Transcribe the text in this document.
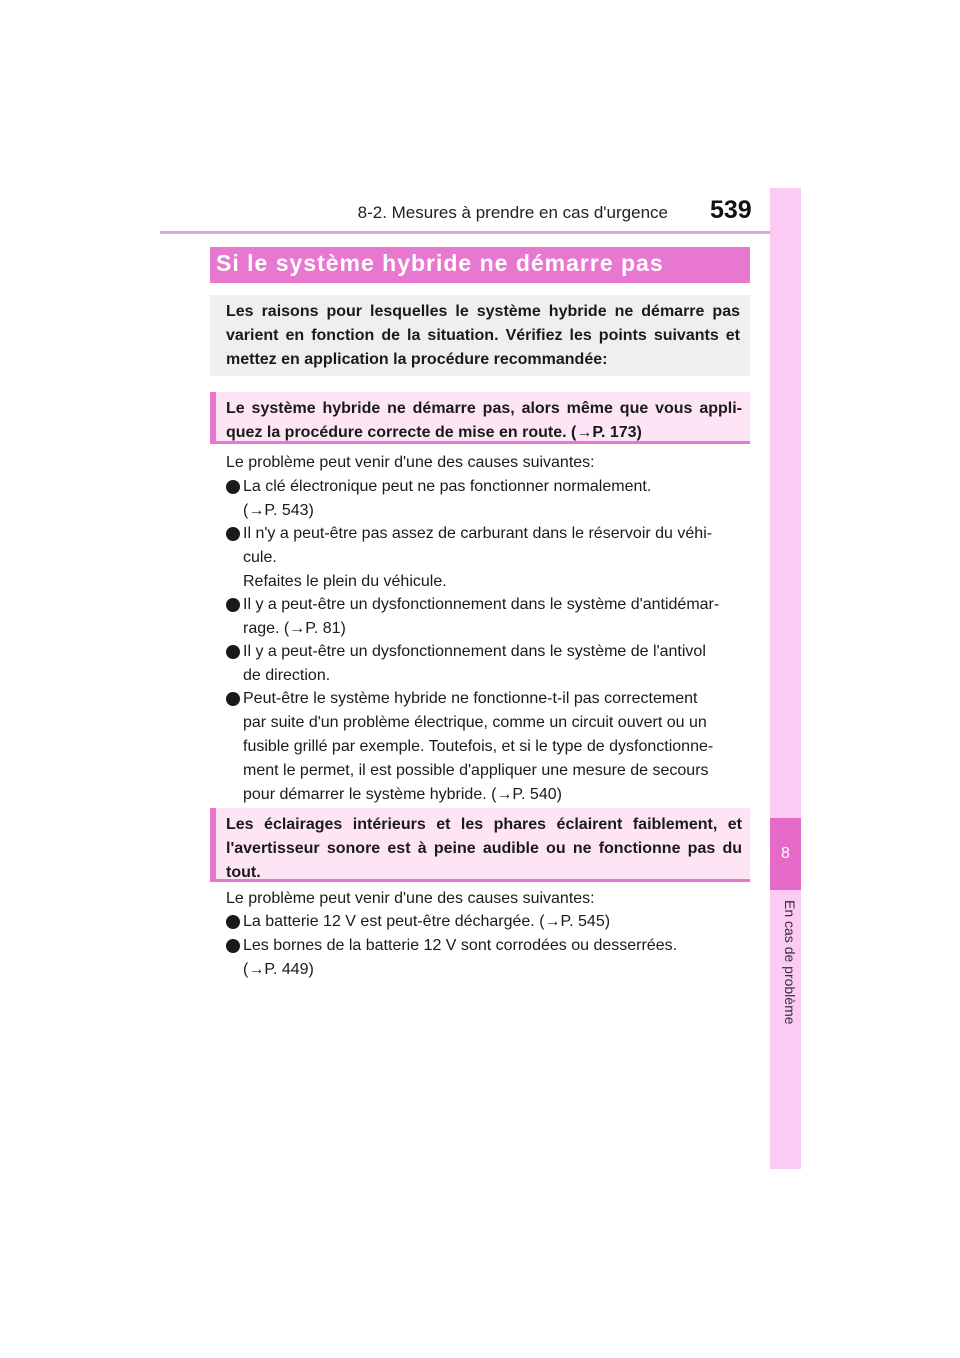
8-2. Mesures à prendre en cas d'urgence 539
8
En cas de problème
Si le système hybride ne démarre pas
Les raisons pour lesquelles le système hybride ne démarre pas varient en fonction de la situation. Vérifiez les points suivants et mettez en application la procédure recommandée:
Le système hybride ne démarre pas, alors même que vous appli-quez la procédure correcte de mise en route. (→P. 173)
Le problème peut venir d'une des causes suivantes:
La clé électronique peut ne pas fonctionner normalement.
(→P. 543)
Il n'y a peut-être pas assez de carburant dans le réservoir du véhi-
cule.
Refaites le plein du véhicule.
Il y a peut-être un dysfonctionnement dans le système d'antidémar-
rage. (→P. 81)
Il y a peut-être un dysfonctionnement dans le système de l'antivol
de direction.
Peut-être le système hybride ne fonctionne-t-il pas correctement
par suite d'un problème électrique, comme un circuit ouvert ou un
fusible grillé par exemple. Toutefois, et si le type de dysfonctionne-
ment le permet, il est possible d'appliquer une mesure de secours
pour démarrer le système hybride. (→P. 540)
Les éclairages intérieurs et les phares éclairent faiblement, et l'avertisseur sonore est à peine audible ou ne fonctionne pas du tout.
Le problème peut venir d'une des causes suivantes:
La batterie 12 V est peut-être déchargée. (→P. 545)
Les bornes de la batterie 12 V sont corrodées ou desserrées.
(→P. 449)
